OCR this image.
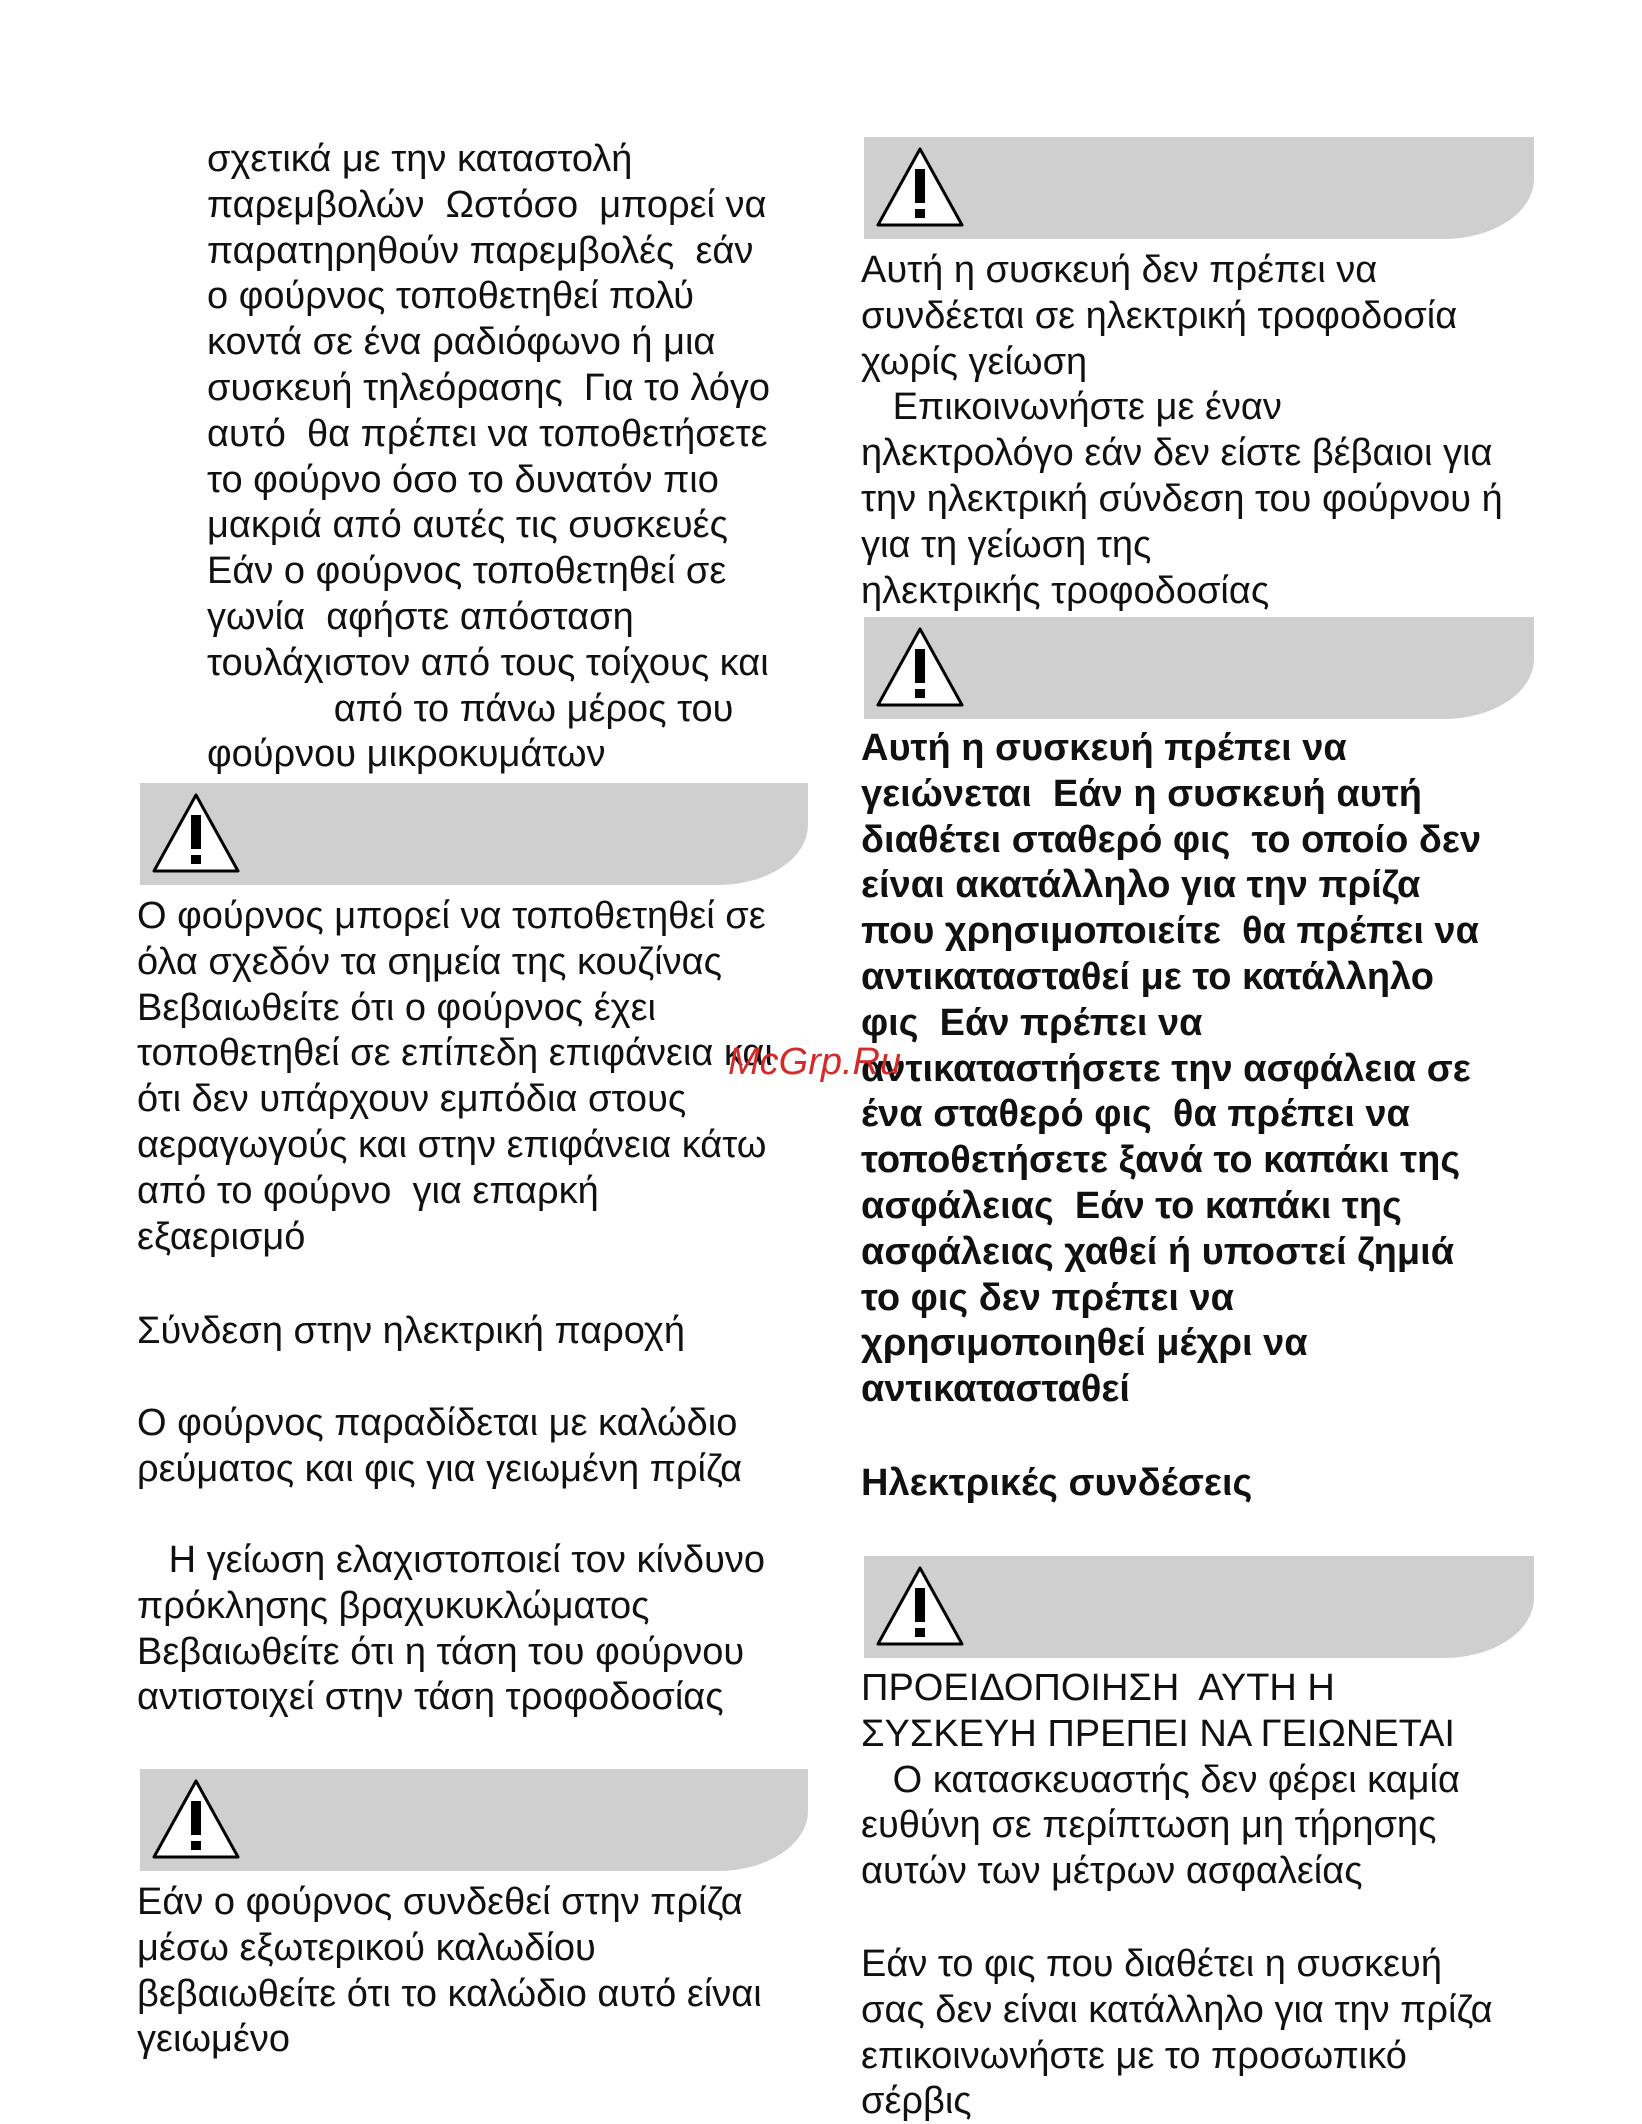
σχετικά με την καταστολή
παρεμβολών  Ωστόσο  μπορεί να
παρατηρηθούν παρεμβολές  εάν
ο φούρνος τοποθετηθεί πολύ
κοντά σε ένα ραδιόφωνο ή μια
συσκευή τηλεόρασης  Για το λόγο
αυτό  θα πρέπει να τοποθετήσετε
το φούρνο όσο το δυνατόν πιο
μακριά από αυτές τις συσκευές
Εάν ο φούρνος τοποθετηθεί σε
γωνία  αφήστε απόσταση
τουλάχιστον από τους τοίχους και
από το πάνω μέρος του
φούρνου μικροκυμάτων
Ο φούρνος μπορεί να τοποθετηθεί σε
όλα σχεδόν τα σημεία της κουζίνας
Βεβαιωθείτε ότι ο φούρνος έχει
τοποθετηθεί σε επίπεδη επιφάνεια και
ότι δεν υπάρχουν εμπόδια στους
αεραγωγούς και στην επιφάνεια κάτω
από το φούρνο  για επαρκή
εξαερισμό
Σύνδεση στην ηλεκτρική παροχή
Ο φούρνος παραδίδεται με καλώδιο
ρεύματος και φις για γειωμένη πρίζα
Η γείωση ελαχιστοποιεί τον κίνδυνο
πρόκλησης βραχυκυκλώματος
Βεβαιωθείτε ότι η τάση του φούρνου
αντιστοιχεί στην τάση τροφοδοσίας
Εάν ο φούρνος συνδεθεί στην πρίζα
μέσω εξωτερικού καλωδίου
βεβαιωθείτε ότι το καλώδιο αυτό είναι
γειωμένο
Αυτή η συσκευή δεν πρέπει να
συνδέεται σε ηλεκτρική τροφοδοσία
χωρίς γείωση
Επικοινωνήστε με έναν
ηλεκτρολόγο εάν δεν είστε βέβαιοι για
την ηλεκτρική σύνδεση του φούρνου ή
για τη γείωση της
ηλεκτρικής τροφοδοσίας
Αυτή η συσκευή πρέπει να
γειώνεται  Εάν η συσκευή αυτή
διαθέτει σταθερό φις  το οποίο δεν
είναι ακατάλληλο για την πρίζα
που χρησιμοποιείτε  θα πρέπει να
αντικατασταθεί με το κατάλληλο
φις  Εάν πρέπει να
αντικαταστήσετε την ασφάλεια σε
ένα σταθερό φις  θα πρέπει να
τοποθετήσετε ξανά το καπάκι της
ασφάλειας  Εάν το καπάκι της
ασφάλειας χαθεί ή υποστεί ζημιά
το φις δεν πρέπει να
χρησιμοποιηθεί μέχρι να
αντικατασταθεί
Ηλεκτρικές συνδέσεις
ΠΡΟΕΙΔΟΠΟΙΗΣΗ  ΑΥΤΗ Η
ΣΥΣΚΕΥΗ ΠΡΕΠΕΙ ΝΑ ΓΕΙΩΝΕΤΑΙ
Ο κατασκευαστής δεν φέρει καμία
ευθύνη σε περίπτωση μη τήρησης
αυτών των μέτρων ασφαλείας
Εάν το φις που διαθέτει η συσκευή
σας δεν είναι κατάλληλο για την πρίζα
επικοινωνήστε με το προσωπικό
σέρβις
McGrp.Ru
